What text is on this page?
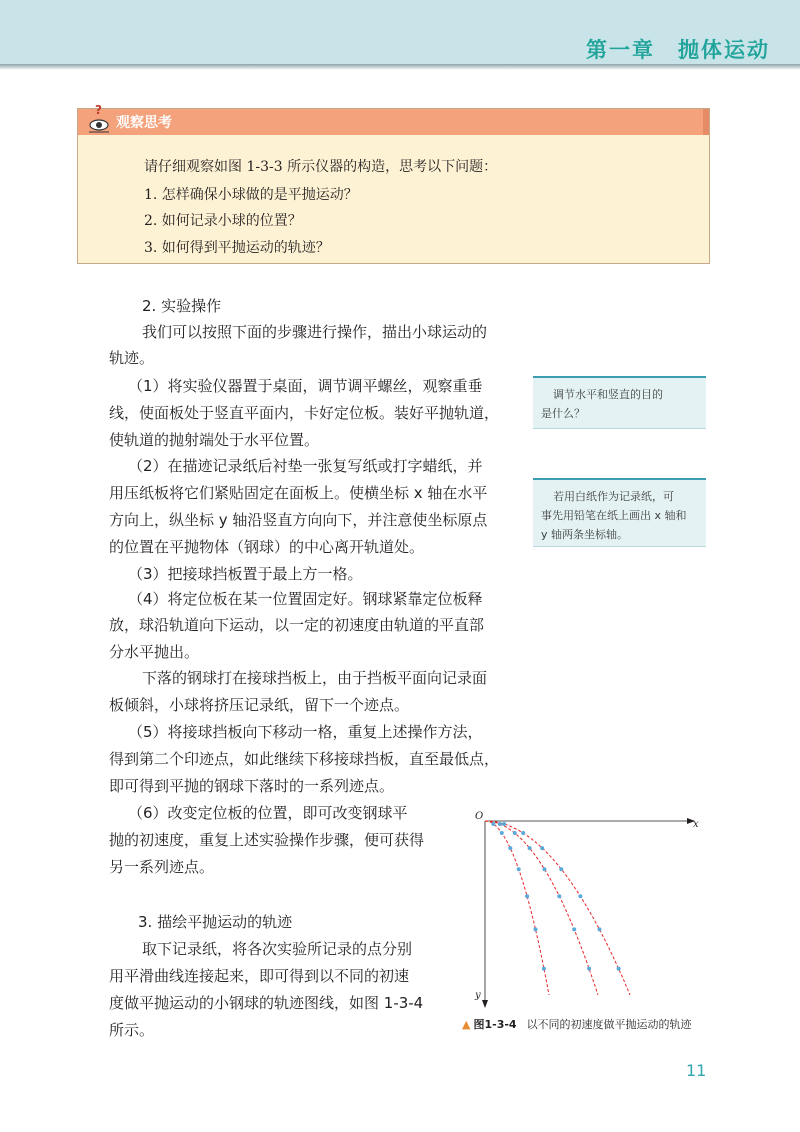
第一章　抛体运动
?
观察思考
请仔细观察如图 1-3-3 所示仪器的构造，思考以下问题：
1. 怎样确保小球做的是平抛运动？
2. 如何记录小球的位置？
3. 如何得到平抛运动的轨迹？
2. 实验操作
我们可以按照下面的步骤进行操作，描出小球运动的
轨迹。
（1）将实验仪器置于桌面，调节调平螺丝，观察重垂
线，使面板处于竖直平面内，卡好定位板。装好平抛轨道，
使轨道的抛射端处于水平位置。
（2）在描迹记录纸后衬垫一张复写纸或打字蜡纸，并
用压纸板将它们紧贴固定在面板上。使横坐标 x 轴在水平
方向上，纵坐标 y 轴沿竖直方向向下，并注意使坐标原点
的位置在平抛物体（钢球）的中心离开轨道处。
（3）把接球挡板置于最上方一格。
（4）将定位板在某一位置固定好。钢球紧靠定位板释
放，球沿轨道向下运动，以一定的初速度由轨道的平直部
分水平抛出。
下落的钢球打在接球挡板上，由于挡板平面向记录面
板倾斜，小球将挤压记录纸，留下一个迹点。
（5）将接球挡板向下移动一格，重复上述操作方法，
得到第二个印迹点，如此继续下移接球挡板，直至最低点，
即可得到平抛的钢球下落时的一系列迹点。
（6）改变定位板的位置，即可改变钢球平
抛的初速度，重复上述实验操作步骤，便可获得
另一系列迹点。
3. 描绘平抛运动的轨迹
取下记录纸，将各次实验所记录的点分别
用平滑曲线连接起来，即可得到以不同的初速
度做平抛运动的小钢球的轨迹图线，如图 1-3-4
所示。
调节水平和竖直的目的
是什么？
若用白纸作为记录纸，可
事先用铅笔在纸上画出 x 轴和
y 轴两条坐标轴。
O
x
y
▲ 图1-3-4 以不同的初速度做平抛运动的轨迹
11
